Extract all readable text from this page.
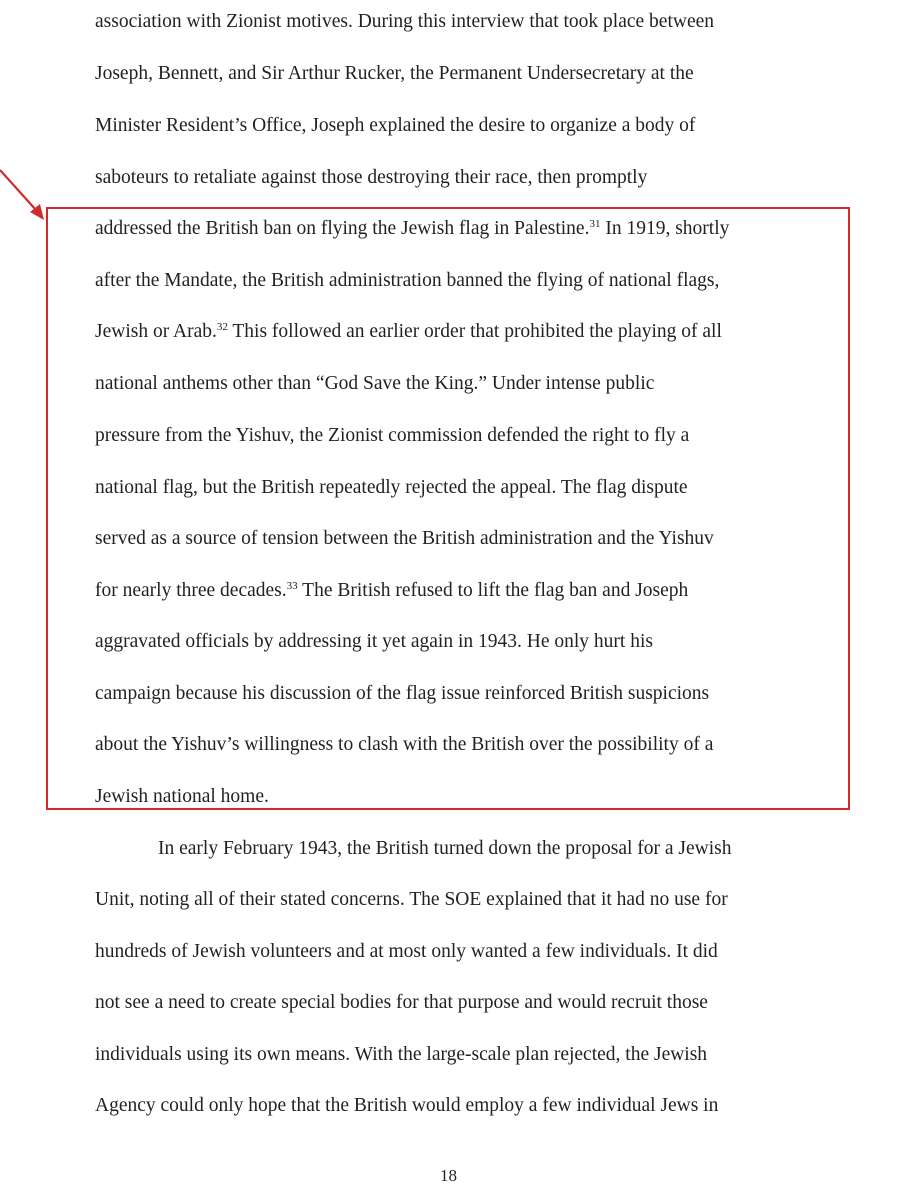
association with Zionist motives. During this interview that took place between

Joseph, Bennett, and Sir Arthur Rucker, the Permanent Undersecretary at the

Minister Resident’s Office, Joseph explained the desire to organize a body of

saboteurs to retaliate against those destroying their race, then promptly

addressed the British ban on flying the Jewish flag in Palestine.$^{31}$ In 1919, shortly

after the Mandate, the British administration banned the flying of national flags,

Jewish or Arab.$^{32}$ This followed an earlier order that prohibited the playing of all

national anthems other than “God Save the King.” Under intense public

pressure from the Yishuv, the Zionist commission defended the right to fly a

national flag, but the British repeatedly rejected the appeal. The flag dispute

served as a source of tension between the British administration and the Yishuv

for nearly three decades.$^{33}$ The British refused to lift the flag ban and Joseph

aggravated officials by addressing it yet again in 1943. He only hurt his

campaign because his discussion of the flag issue reinforced British suspicions

about the Yishuv’s willingness to clash with the British over the possibility of a

Jewish national home.

In early February 1943, the British turned down the proposal for a Jewish

Unit, noting all of their stated concerns. The SOE explained that it had no use for

hundreds of Jewish volunteers and at most only wanted a few individuals. It did

not see a need to create special bodies for that purpose and would recruit those

individuals using its own means. With the large-scale plan rejected, the Jewish

Agency could only hope that the British would employ a few individual Jews in

18
